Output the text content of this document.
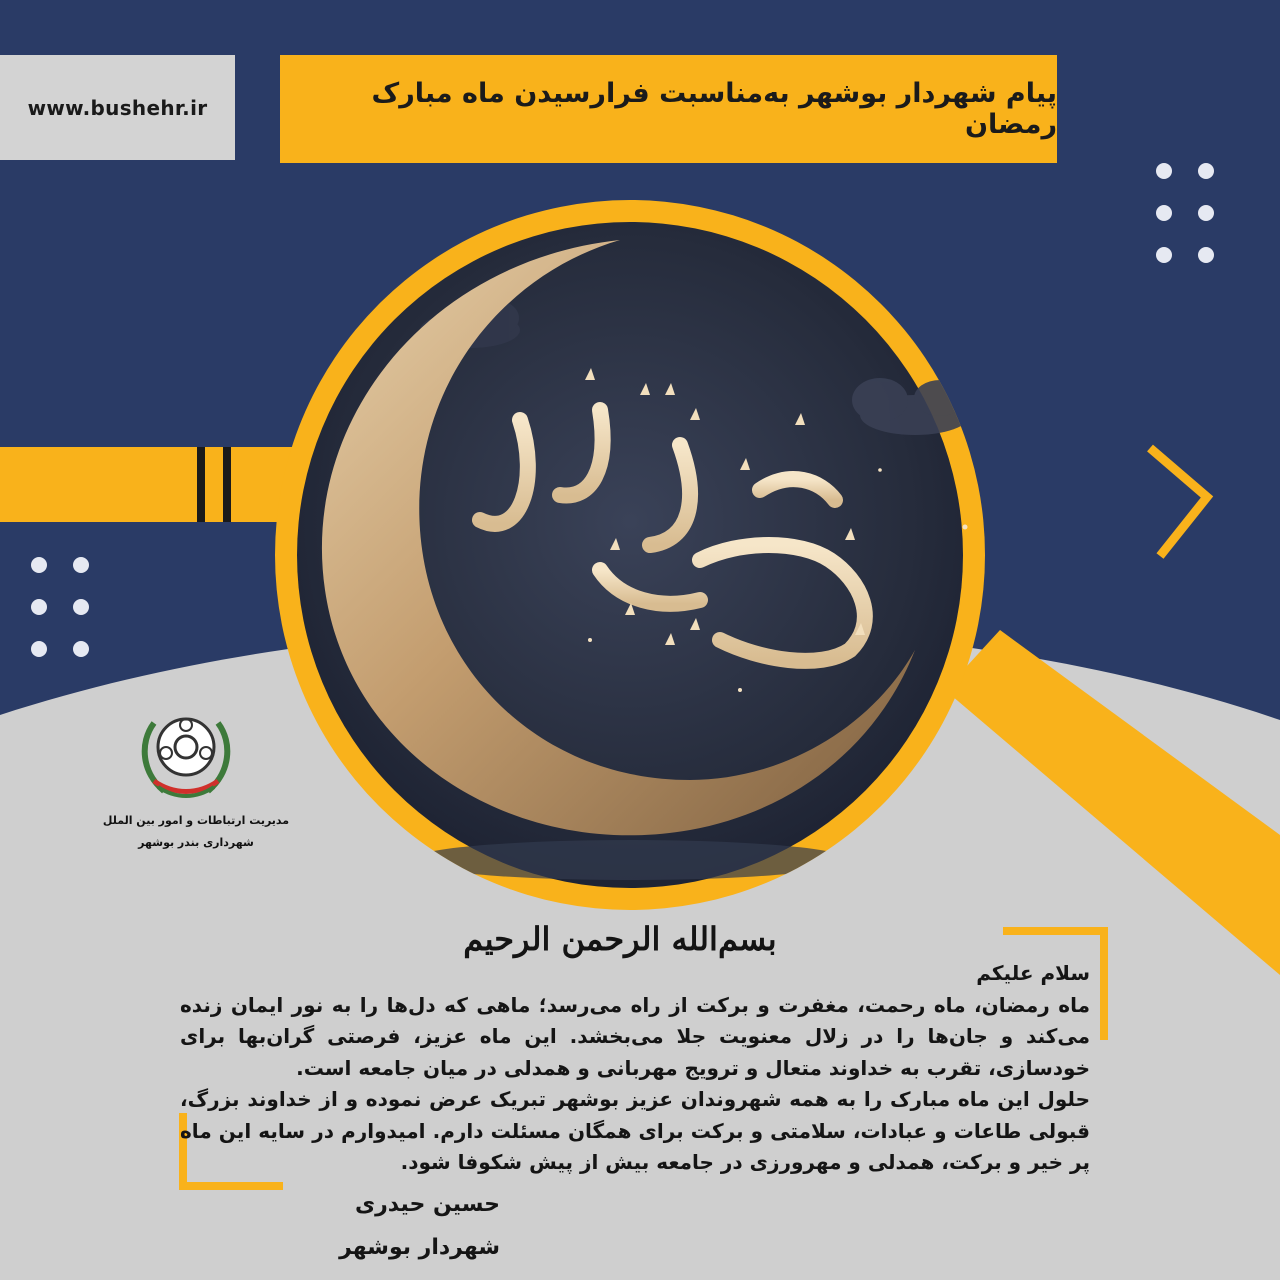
www.bushehr.ir	پیام شهردار بوشهر به‌مناسبت فرارسیدن ماه مبارک رمضان
مدیریت ارتباطات و امور بین الملل
شهرداری بندر بوشهر
بسم‌الله الرحمن الرحیم

سلام علیکم

ماه رمضان، ماه رحمت، مغفرت و برکت از راه می‌رسد؛ ماهی که دل‌ها را به نور ایمان زنده می‌کند و جان‌ها را در زلال معنویت جلا می‌بخشد. این ماه عزیز، فرصتی گران‌بها برای خودسازی، تقرب به خداوند متعال و ترویج مهربانی و همدلی در میان جامعه است.

حلول این ماه مبارک را به همه شهروندان عزیز بوشهر تبریک عرض نموده و از خداوند بزرگ، قبولی طاعات و عبادات، سلامتی و برکت برای همگان مسئلت دارم. امیدوارم در سایه این ماه پر خیر و برکت، همدلی و مهرورزی در جامعه بیش از پیش شکوفا شود.

حسین حیدری
شهردار بوشهر
